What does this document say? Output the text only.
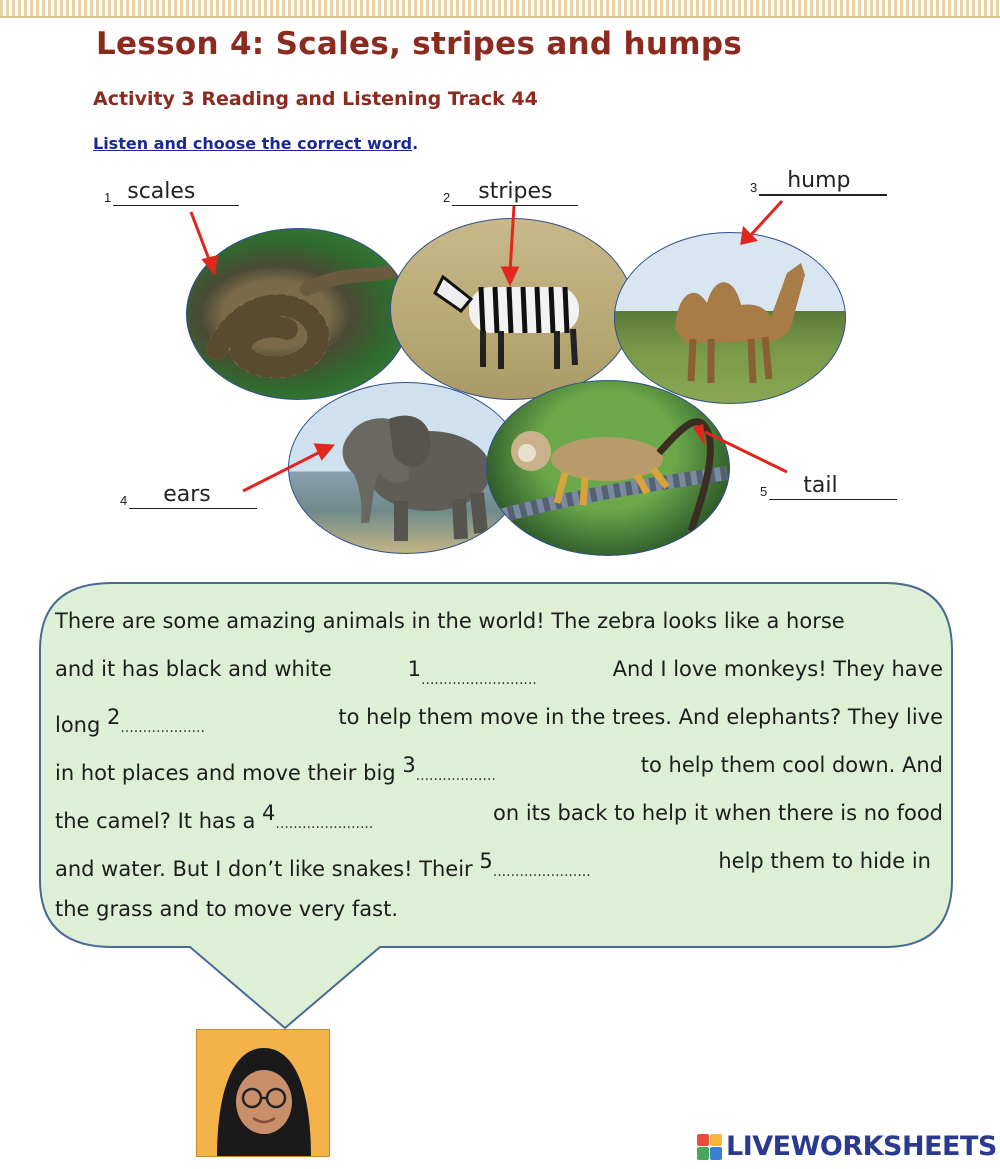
Lesson 4: Scales, stripes and humps
Activity 3 Reading and Listening Track 44
Listen and choose the correct word.
1 scales	2 stripes	3 hump
4 ears	5 tail
There are some amazing animals in the world! The zebra looks like a horse
and it has black and white	$^1$..........................	And I love monkeys! They have
long $^2$...................	to help them move in the trees. And elephants? They live
in hot places and move their big $^3$..................	to help them cool down. And
the camel? It has a $^4$......................	on its back to help it when there is no food
and water. But I don’t like snakes! Their $^5$......................	help them to hide in
the grass and to move very fast.
LIVEWORKSHEETS
